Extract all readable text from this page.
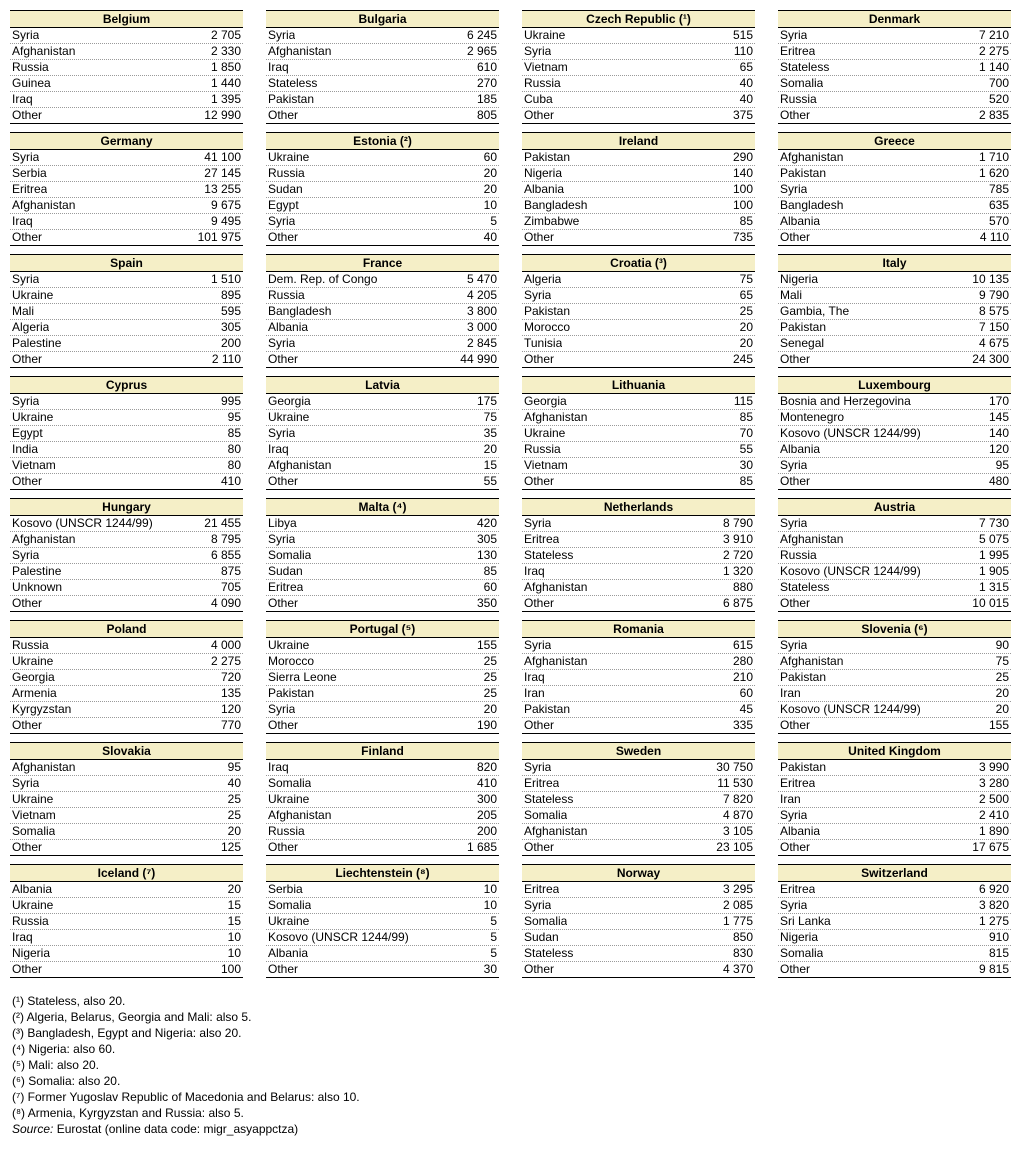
Belgium
Syria	2 705
Afghanistan	2 330
Russia	1 850
Guinea	1 440
Iraq	1 395
Other	12 990
Bulgaria
Syria	6 245
Afghanistan	2 965
Iraq	610
Stateless	270
Pakistan	185
Other	805
Czech Republic (¹)
Ukraine	515
Syria	110
Vietnam	65
Russia	40
Cuba	40
Other	375
Denmark
Syria	7 210
Eritrea	2 275
Stateless	1 140
Somalia	700
Russia	520
Other	2 835
Germany
Syria	41 100
Serbia	27 145
Eritrea	13 255
Afghanistan	9 675
Iraq	9 495
Other	101 975
Estonia (²)
Ukraine	60
Russia	20
Sudan	20
Egypt	10
Syria	5
Other	40
Ireland
Pakistan	290
Nigeria	140
Albania	100
Bangladesh	100
Zimbabwe	85
Other	735
Greece
Afghanistan	1 710
Pakistan	1 620
Syria	785
Bangladesh	635
Albania	570
Other	4 110
Spain
Syria	1 510
Ukraine	895
Mali	595
Algeria	305
Palestine	200
Other	2 110
France
Dem. Rep. of Congo	5 470
Russia	4 205
Bangladesh	3 800
Albania	3 000
Syria	2 845
Other	44 990
Croatia (³)
Algeria	75
Syria	65
Pakistan	25
Morocco	20
Tunisia	20
Other	245
Italy
Nigeria	10 135
Mali	9 790
Gambia, The	8 575
Pakistan	7 150
Senegal	4 675
Other	24 300
Cyprus
Syria	995
Ukraine	95
Egypt	85
India	80
Vietnam	80
Other	410
Latvia
Georgia	175
Ukraine	75
Syria	35
Iraq	20
Afghanistan	15
Other	55
Lithuania
Georgia	115
Afghanistan	85
Ukraine	70
Russia	55
Vietnam	30
Other	85
Luxembourg
Bosnia and Herzegovina	170
Montenegro	145
Kosovo (UNSCR 1244/99)	140
Albania	120
Syria	95
Other	480
Hungary
Kosovo (UNSCR 1244/99)	21 455
Afghanistan	8 795
Syria	6 855
Palestine	875
Unknown	705
Other	4 090
Malta (⁴)
Libya	420
Syria	305
Somalia	130
Sudan	85
Eritrea	60
Other	350
Netherlands
Syria	8 790
Eritrea	3 910
Stateless	2 720
Iraq	1 320
Afghanistan	880
Other	6 875
Austria
Syria	7 730
Afghanistan	5 075
Russia	1 995
Kosovo (UNSCR 1244/99)	1 905
Stateless	1 315
Other	10 015
Poland
Russia	4 000
Ukraine	2 275
Georgia	720
Armenia	135
Kyrgyzstan	120
Other	770
Portugal (⁵)
Ukraine	155
Morocco	25
Sierra Leone	25
Pakistan	25
Syria	20
Other	190
Romania
Syria	615
Afghanistan	280
Iraq	210
Iran	60
Pakistan	45
Other	335
Slovenia (⁶)
Syria	90
Afghanistan	75
Pakistan	25
Iran	20
Kosovo (UNSCR 1244/99)	20
Other	155
Slovakia
Afghanistan	95
Syria	40
Ukraine	25
Vietnam	25
Somalia	20
Other	125
Finland
Iraq	820
Somalia	410
Ukraine	300
Afghanistan	205
Russia	200
Other	1 685
Sweden
Syria	30 750
Eritrea	11 530
Stateless	7 820
Somalia	4 870
Afghanistan	3 105
Other	23 105
United Kingdom
Pakistan	3 990
Eritrea	3 280
Iran	2 500
Syria	2 410
Albania	1 890
Other	17 675
Iceland (⁷)
Albania	20
Ukraine	15
Russia	15
Iraq	10
Nigeria	10
Other	100
Liechtenstein (⁸)
Serbia	10
Somalia	10
Ukraine	5
Kosovo (UNSCR 1244/99)	5
Albania	5
Other	30
Norway
Eritrea	3 295
Syria	2 085
Somalia	1 775
Sudan	850
Stateless	830
Other	4 370
Switzerland
Eritrea	6 920
Syria	3 820
Sri Lanka	1 275
Nigeria	910
Somalia	815
Other	9 815
(¹) Stateless, also 20.
(²) Algeria, Belarus, Georgia and Mali: also 5.
(³) Bangladesh, Egypt and Nigeria: also 20.
(⁴) Nigeria: also 60.
(⁵) Mali: also 20.
(⁶) Somalia: also 20.
(⁷) Former Yugoslav Republic of Macedonia and Belarus: also 10.
(⁸) Armenia, Kyrgyzstan and Russia: also 5.
Source: Eurostat (online data code: migr_asyappctza)
